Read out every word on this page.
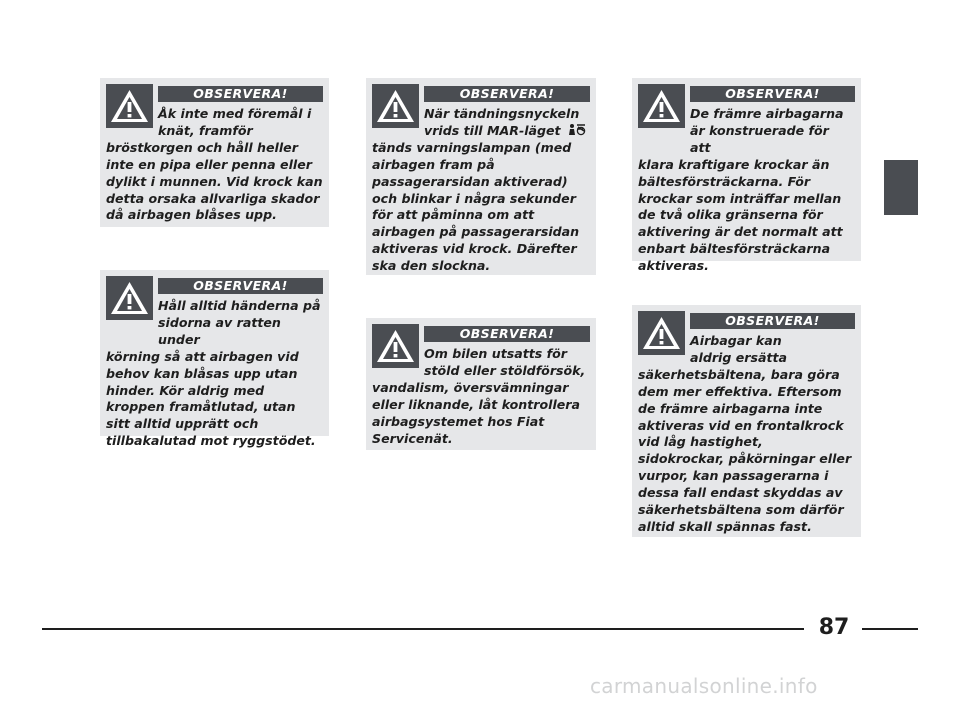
OBSERVERA!
Åk inte med föremål i knät, framför
bröstkorgen och håll heller inte en pipa eller penna eller dylikt i munnen. Vid krock kan detta orsaka allvarliga skador då airbagen blåses upp.
OBSERVERA!
Håll alltid händerna på sidorna av ratten under
körning så att airbagen vid behov kan blåsas upp utan hinder. Kör aldrig med kroppen framåtlutad, utan sitt alltid upprätt och tillbakalutad mot ryggstödet.
OBSERVERA!
När tändningsnyckeln vrids till MAR-läget
tänds varningslampan (med airbagen fram på passagerarsidan aktiverad) och blinkar i några sekunder för att påminna om att airbagen på passagerarsidan aktiveras vid krock. Därefter ska den slockna.
OBSERVERA!
Om bilen utsatts för stöld eller stöldförsök,
vandalism, översvämningar eller liknande, låt kontrollera airbagsystemet hos Fiat Servicenät.
OBSERVERA!
De främre airbagarna är konstruerade för att
klara kraftigare krockar än bältesförsträckarna. För krockar som inträffar mellan de två olika gränserna för aktivering är det normalt att enbart bältesförsträckarna aktiveras.
OBSERVERA!
Airbagar kan aldrig ersätta
säkerhetsbältena, bara göra dem mer effektiva. Eftersom de främre airbagarna inte aktiveras vid en frontalkrock vid låg hastighet, sidokrockar, påkörningar eller vurpor, kan passagerarna i dessa fall endast skyddas av säkerhetsbältena som därför alltid skall spännas fast.
87
carmanualsonline.info
